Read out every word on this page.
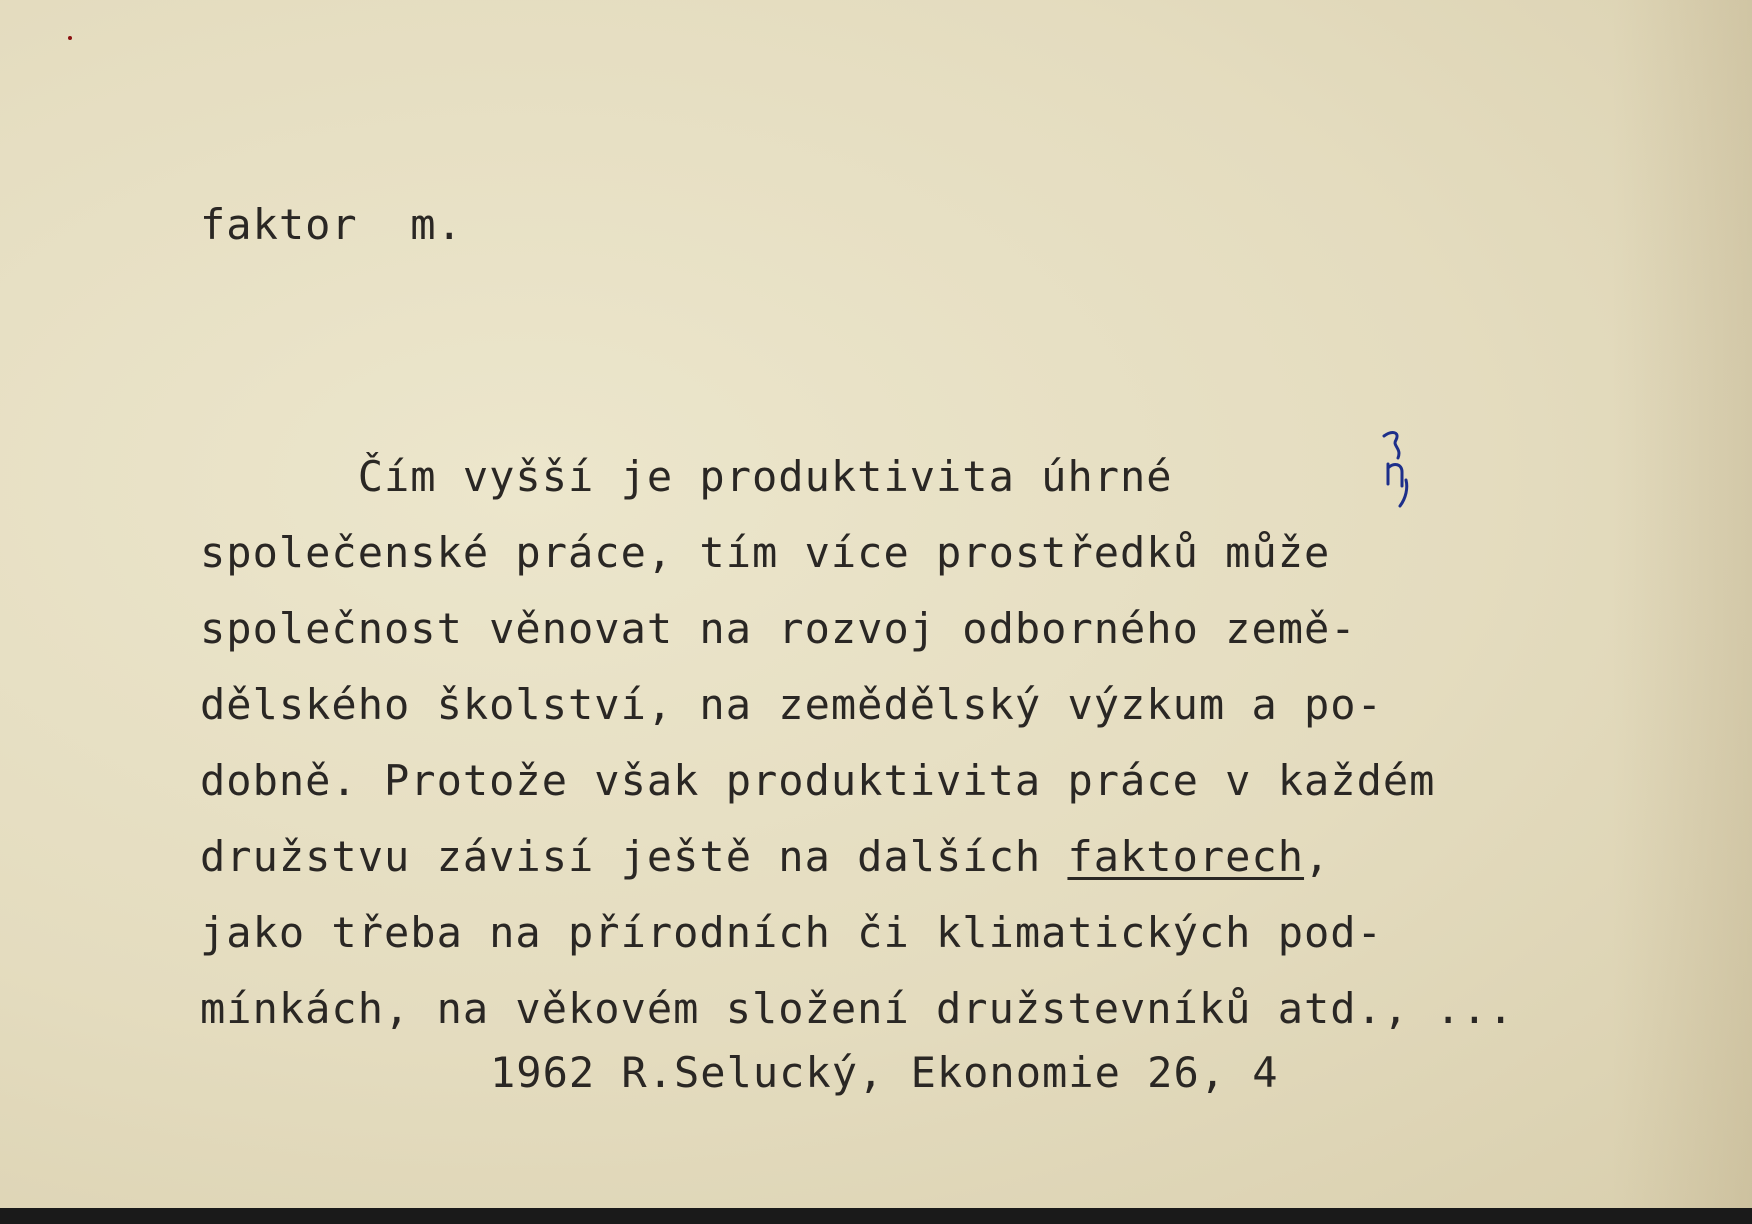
faktor  m.
Čím vyšší je produktivita úhrné
společenské práce, tím více prostředků může
společnost věnovat na rozvoj odborného země-
dělského školství, na zemědělský výzkum a po-
dobně. Protože však produktivita práce v každém
družstvu závisí ještě na dalších faktorech,
jako třeba na přírodních či klimatických pod-
mínkách, na věkovém složení družstevníků atd., ...
1962 R.Selucký, Ekonomie 26, 4
